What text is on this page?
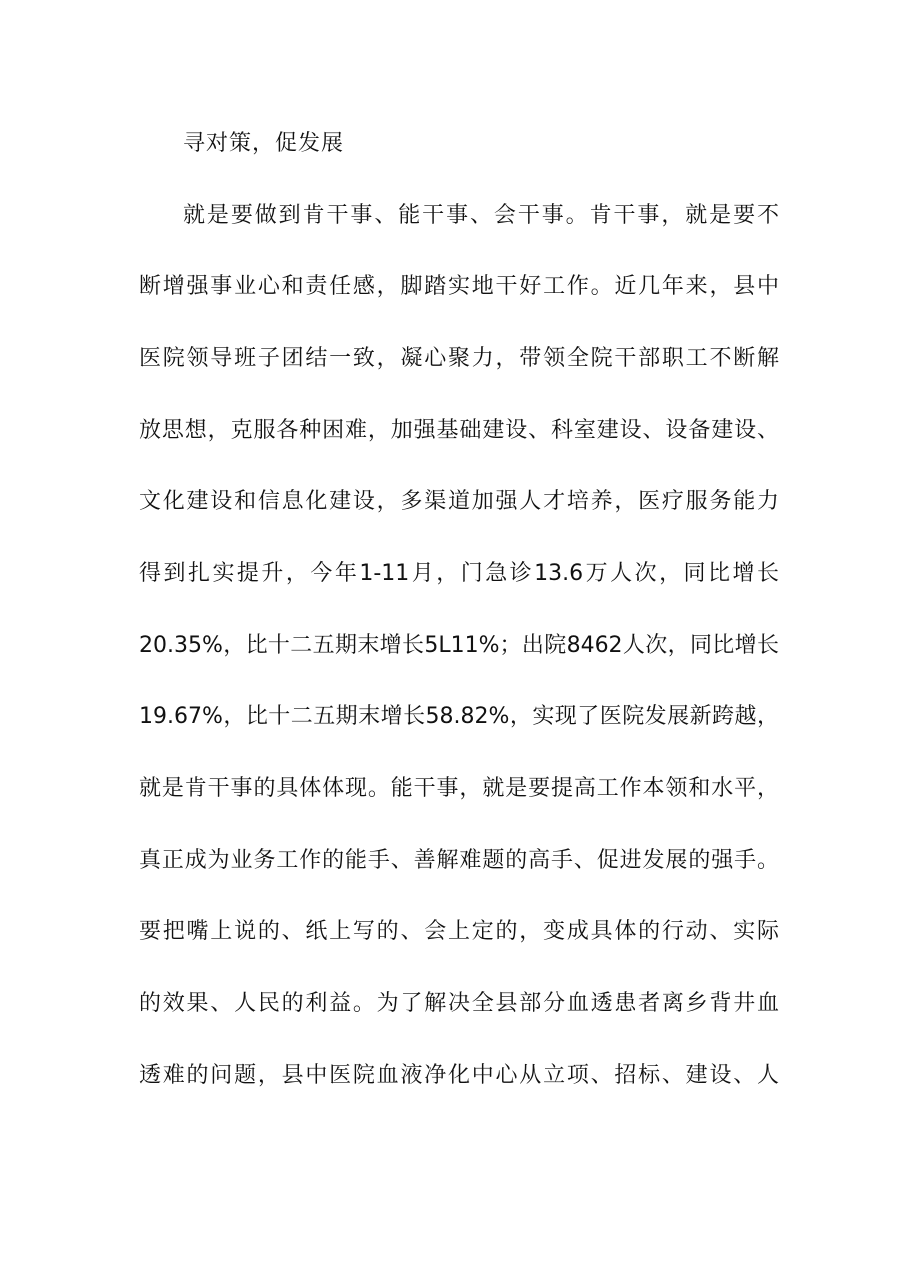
寻对策，促发展
就是要做到肯干事、能干事、会干事。肯干事，就是要不
断增强事业心和责任感，脚踏实地干好工作。近几年来，县中
医院领导班子团结一致，凝心聚力，带领全院干部职工不断解
放思想，克服各种困难，加强基础建设、科室建设、设备建设、
文化建设和信息化建设，多渠道加强人才培养，医疗服务能力
得到扎实提升，今年1-11月，门急诊13.6万人次，同比增长
20.35%，比十二五期末增长5L11%；出院8462人次，同比增长
19.67%，比十二五期末增长58.82%，实现了医院发展新跨越，
就是肯干事的具体体现。能干事，就是要提高工作本领和水平，
真正成为业务工作的能手、善解难题的高手、促进发展的强手。
要把嘴上说的、纸上写的、会上定的，变成具体的行动、实际
的效果、人民的利益。为了解决全县部分血透患者离乡背井血
透难的问题，县中医院血液净化中心从立项、招标、建设、人
